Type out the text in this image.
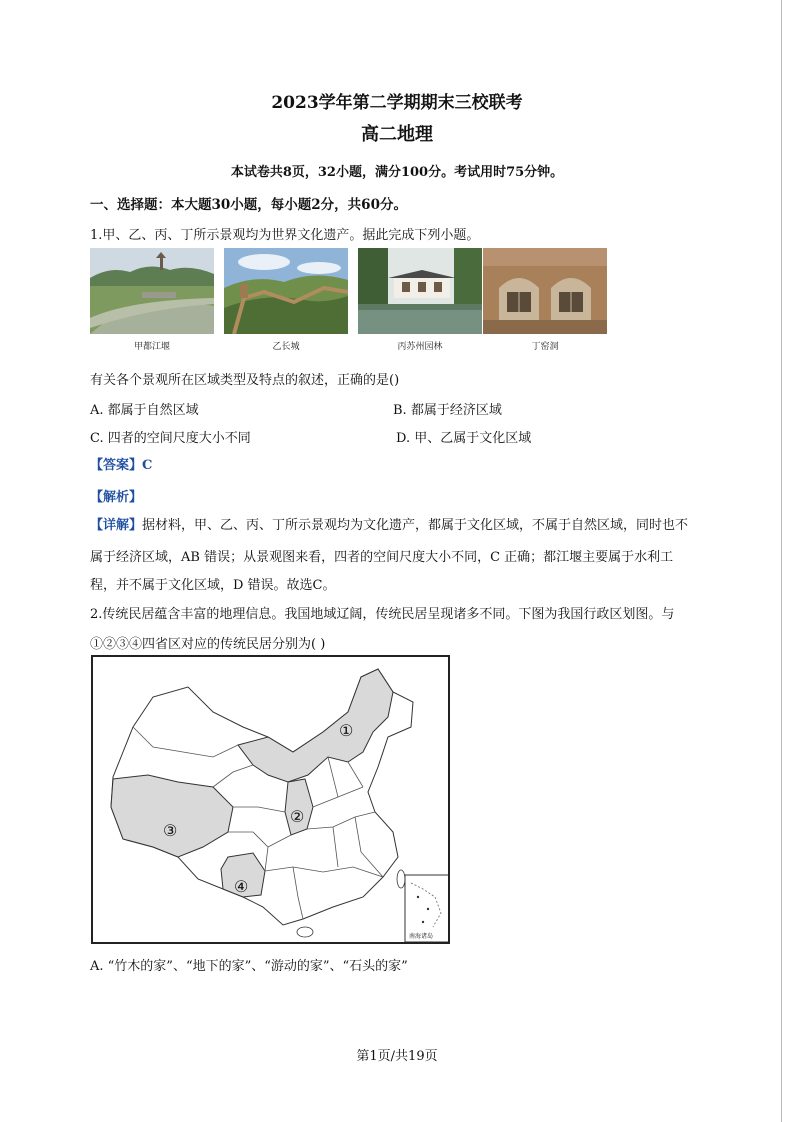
2023学年第二学期期末三校联考
高二地理
本试卷共8页，32小题，满分100分。考试用时75分钟。
一、选择题：本大题30小题，每小题2分，共60分。
1.甲、乙、丙、丁所示景观均为世界文化遗产。据此完成下列小题。
甲都江堰	乙长城	丙苏州园林	丁窑洞
有关各个景观所在区域类型及特点的叙述，正确的是()
A. 都属于自然区域	B. 都属于经济区域
C. 四者的空间尺度大小不同	D. 甲、乙属于文化区域
【答案】C
【解析】
【详解】据材料，甲、乙、丙、丁所示景观均为文化遗产，都属于文化区域，不属于自然区域，同时也不
属于经济区域，AB 错误；从景观图来看，四者的空间尺度大小不同，C 正确；都江堰主要属于水利工
程，并不属于文化区域，D 错误。故选C。
2.传统民居蕴含丰富的地理信息。我国地域辽阔，传统民居呈现诸多不同。下图为我国行政区划图。与
①②③④四省区对应的传统民居分别为( )
①
②
③
④
南海诸岛
A. “竹木的家”、“地下的家”、“游动的家”、“石头的家”
第1页/共19页
